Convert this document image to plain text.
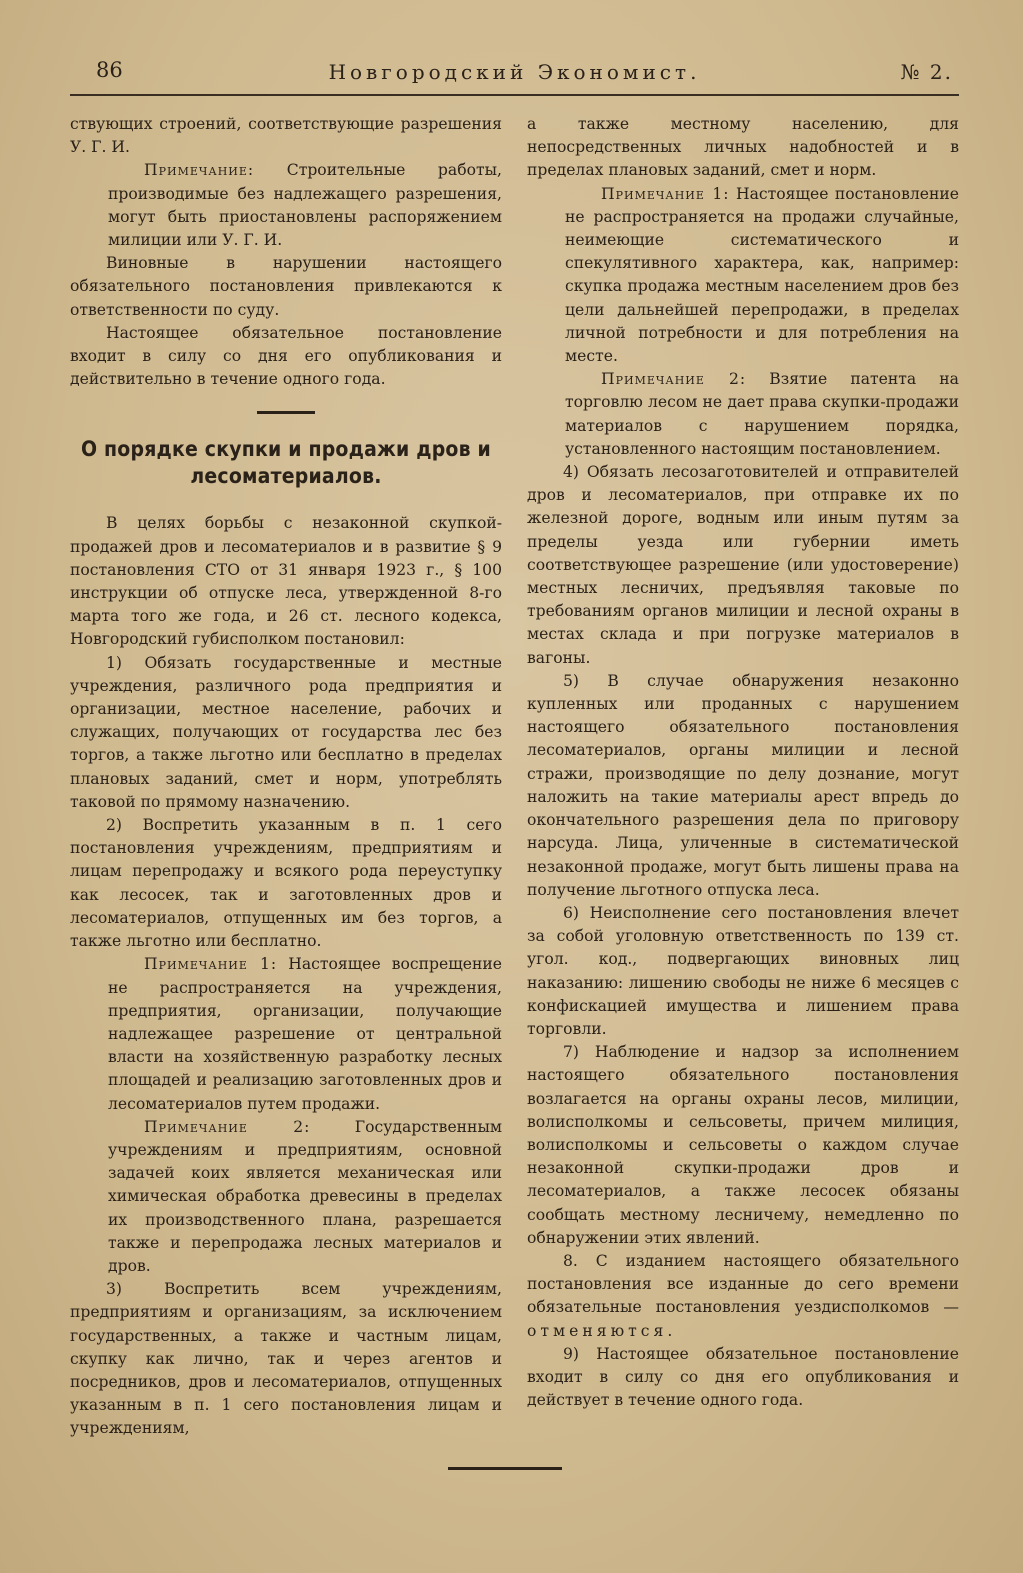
86	Новгородский Экономист.	№ 2.

ствующих строений, соответствующие разрешения У. Г. И.

Примечание: Строительные работы, производимые без надлежащего разрешения, могут быть приостановлены распоряжением милиции или У. Г. И.

Виновные в нарушении настоящего обязательного постановления привлекаются к ответственности по суду.

Настоящее обязательное постановление входит в силу со дня его опубликования и действительно в течение одного года.

О порядке скупки и продажи дров и лесоматериалов.

В целях борьбы с незаконной скупкой-продажей дров и лесоматериалов и в развитие § 9 постановления СТО от 31 января 1923 г., § 100 инструкции об отпуске леса, утвержденной 8-го марта того же года, и 26 ст. лесного кодекса, Новгородский губисполком постановил:

1) Обязать государственные и местные учреждения, различного рода предприятия и организации, местное население, рабочих и служащих, получающих от государства лес без торгов, а также льготно или бесплатно в пределах плановых заданий, смет и норм, употреблять таковой по прямому назначению.

2) Воспретить указанным в п. 1 сего постановления учреждениям, предприятиям и лицам перепродажу и всякого рода переуступку как лесосек, так и заготовленных дров и лесоматериалов, отпущенных им без торгов, а также льготно или бесплатно.

Примечание 1: Настоящее воспрещение не распространяется на учреждения, предприятия, организации, получающие надлежащее разрешение от центральной власти на хозяйственную разработку лесных площадей и реализацию заготовленных дров и лесоматериалов путем продажи.

Примечание 2:	Государственным учреждениям и предприятиям, основной задачей коих является механическая или химическая обработка древесины в пределах их производственного плана, разрешается также и перепродажа лесных материалов и дров.

3) Воспретить всем учреждениям, предприятиям и организациям, за исключением государственных, а также и частным лицам, скупку как лично, так и через агентов и посредников, дров и лесоматериалов, отпущенных указанным в п. 1 сего постановления лицам и учреждениям,

а также местному населению, для непосредственных личных надобностей и в пределах плановых заданий, смет и норм.

Примечание 1: Настоящее постановление не распространяется на продажи случайные, неимеющие систематического и спекулятивного характера, как, например: скупка продажа местным населением дров без цели дальнейшей перепродажи, в пределах личной потребности и для потребления на месте.

Примечание 2: Взятие патента на торговлю лесом не дает права скупки-продажи материалов с нарушением порядка, установленного настоящим постановлением.

4) Обязать лесозаготовителей и отправителей дров и лесоматериалов, при отправке их по железной дороге, водным или иным путям за пределы уезда или губернии иметь соответствующее разрешение (или удостоверение) местных лесничих, предъявляя таковые по требованиям органов милиции и лесной охраны в местах склада и при погрузке материалов в вагоны.

5) В случае обнаружения незаконно купленных или проданных с нарушением настоящего обязательного постановления лесоматериалов, органы милиции и лесной стражи, производящие по делу дознание, могут наложить на такие материалы арест впредь до окончательного разрешения дела по приговору нарсуда. Лица, уличенные в систематической незаконной продаже, могут быть лишены права на получение льготного отпуска леса.

6) Неисполнение сего постановления влечет за собой уголовную ответственность по 139 ст. угол. код., подвергающих виновных лиц наказанию: лишению свободы не ниже 6 месяцев с конфискацией имущества и лишением права торговли.

7) Наблюдение и надзор за исполнением настоящего обязательного постановления возлагается на органы охраны лесов, милиции, волисполкомы и сельсоветы, причем милиция, волисполкомы и сельсоветы о каждом случае незаконной скупки-продажи дров и лесоматериалов, а также лесосек обязаны сообщать местному лесничему, немедленно по обнаружении этих явлений.

8. С изданием настоящего обязательного постановления все изданные до сего времени обязательные постановления уездисполкомов — отменяются.

9) Настоящее обязательное постановление входит в силу со дня его опубликования и действует в течение одного года.
